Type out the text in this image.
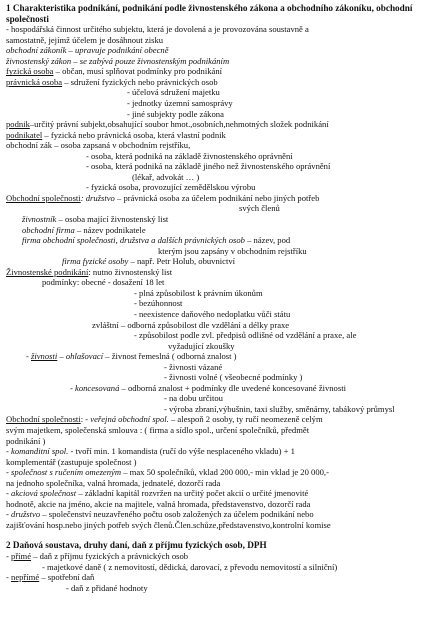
1 Charakteristika podnikání, podnikání podle živnostenského zákona a obchodního zákoníku, obchodní společnosti
- hospodářská činnost určitého subjektu, která je dovolená a je provozována soustavně a
samostatně, jejímž účelem je dosáhnout zisku
obchodní zákoník – upravuje podnikání obecně
živnostenský zákon – se zabývá pouze živnostenským podnikáním
fyzická osoba – občan, musí splňovat podmínky pro podnikání
právnická osoba – sdružení fyzických nebo právnických osob
- účelová sdružení majetku
- jednotky územní samosprávy
- jiné subjekty podle zákona
podnik–určitý právní subjekt,obsahující soubor hmot.,osobních,nehmotných složek podnikání
podnikatel – fyzická nebo právnická osoba, která vlastní podnik
obchodní zák – osoba zapsaná v obchodním rejstříku,
- osoba, která podniká na základě živnostenského oprávnění
- osoba, která podniká na základě jiného než živnostenského oprávnění
(lékař, advokát … )
- fyzická osoba, provozující zemědělskou výrobu
Obchodní společnosti: družstvo – právnická osoba za účelem podnikání nebo jiných potřeb
svých členů
živnostník – osoba mající živnostenský list
obchodní firma – název podnikatele
firma obchodní společnosti, družstva a dalších právnických osob – název, pod
kterým jsou zapsány v obchodním rejstříku
firma fyzické osoby – např. Petr Holub, obuvnictví
Živnostenské podnikání: nutno živnostenský list
podmínky: obecné - dosažení 18 let
- plná způsobilost k právním úkonům
- bezúhonnost
- neexistence daňového nedoplatku vůči státu
zvláštní – odborná způsobilost dle vzdělání a délky praxe
- způsobilost podle zvl. předpisů odlišné od vzdělání a praxe, ale
vyžadující zkoušky
- živnosti – ohlašovací – živnost řemeslná ( odborná znalost )
- živnosti vázané
- živnosti volné ( všeobecné podmínky )
- koncesovaná – odborná znalost + podmínky dle uvedené koncesované živnosti
- na dobu určitou
- výroba zbraní,výbušnin, taxi služby, směnárny, tabákový průmysl
Obchodní společnosti: - veřejná obchodní spol. – alespoň 2 osoby, ty ručí neomezeně celým
svým majetkem, společenská smlouva : ( firma a sídlo spol., určení společníků, předmět
podnikání )
- komanditní spol. - tvoří min. 1 komandista (ručí do výše nesplaceného vkladu) + 1
komplementář (zastupuje společnost )
- společnost s ručením omezeným – max 50 společníků, vklad 200 000,- min vklad je 20 000,-
na jednoho společníka, valná hromada, jednatelé, dozorčí rada
- akciová společnost – základní kapitál rozvržen na určitý počet akcií o určité jmenovité
hodnotě, akcie na jméno, akcie na majitele, valná hromada, představenstvo, dozorčí rada
- družstvo – společenství neuzavřeného počtu osob založených za účelem podnikání nebo
zajišťování hosp.nebo jiných potřeb svých členů.Člen.schůze,představenstvo,kontrolní komise
2 Daňová soustava, druhy daní, daň z příjmu fyzických osob, DPH
- přímé – daň z příjmu fyzických a právnických osob
- majetkové daně ( z nemovitostí, dědická, darovací, z převodu nemovitostí a silniční)
- nepřímé – spotřební daň
- daň z přidané hodnoty
